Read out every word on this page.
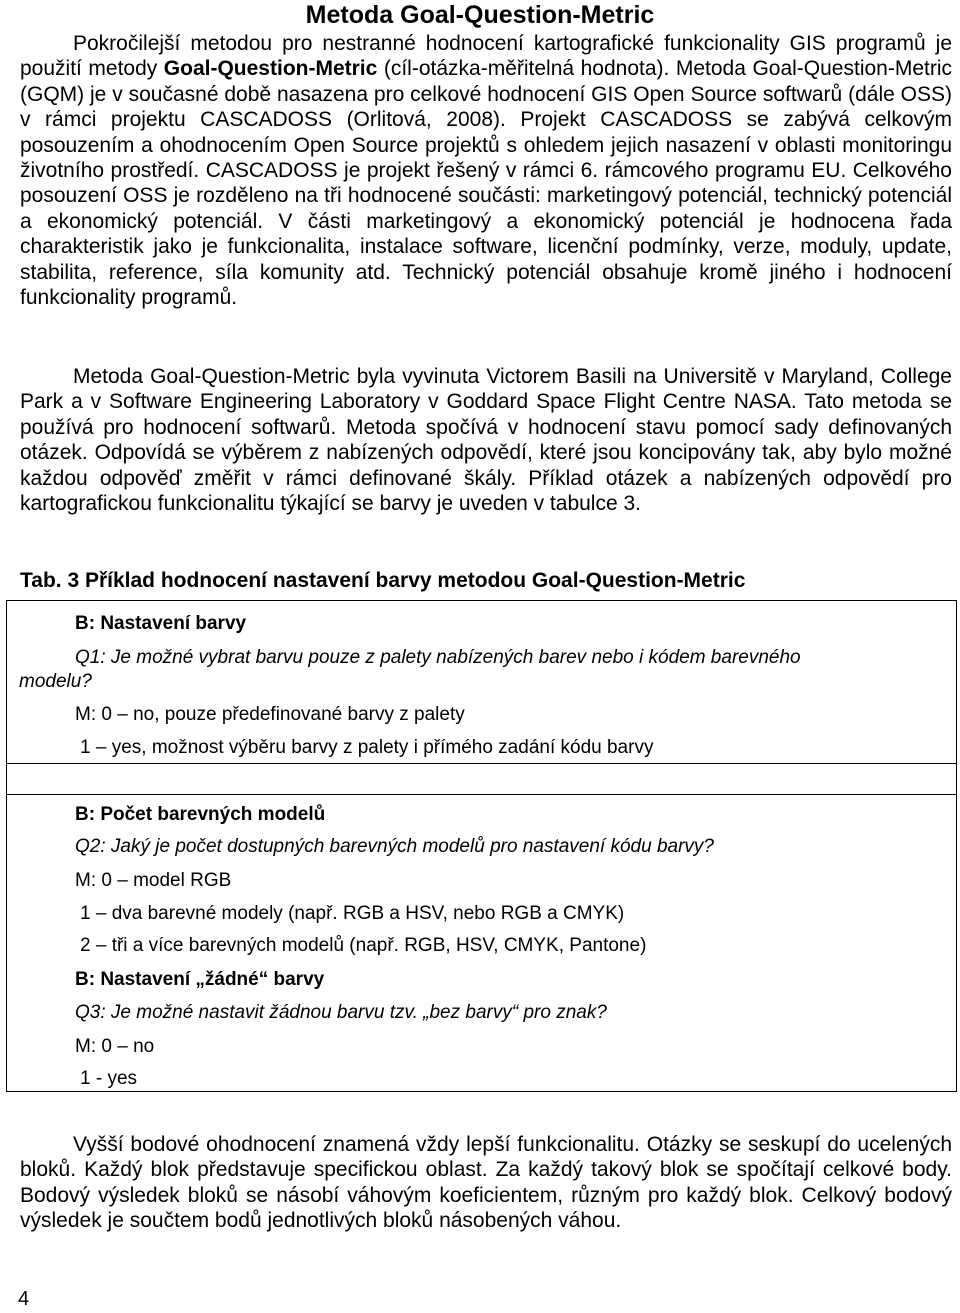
Metoda Goal-Question-Metric

Pokročilejší metodou pro nestranné hodnocení kartografické funkcionality GIS programů je použití metody Goal-Question-Metric (cíl-otázka-měřitelná hodnota). Metoda Goal-Question-Metric (GQM) je v současné době nasazena pro celkové hodnocení GIS Open Source softwarů (dále OSS) v rámci projektu CASCADOSS (Orlitová, 2008). Projekt CASCADOSS se zabývá celkovým posouzením a ohodnocením Open Source projektů s ohledem jejich nasazení v oblasti monitoringu životního prostředí. CASCADOSS je projekt řešený v rámci 6. rámcového programu EU. Celkového posouzení OSS je rozděleno na tři hodnocené součásti: marketingový potenciál, technický potenciál a ekonomický potenciál. V části marketingový a ekonomický potenciál je hodnocena řada charakteristik jako je funkcionalita, instalace software, licenční podmínky, verze, moduly, update, stabilita, reference, síla komunity atd. Technický potenciál obsahuje kromě jiného i hodnocení funkcionality programů.

Metoda Goal-Question-Metric byla vyvinuta Victorem Basili na Universitě v Maryland, College Park a v Software Engineering Laboratory v Goddard Space Flight Centre NASA. Tato metoda se používá pro hodnocení softwarů. Metoda spočívá v hodnocení stavu pomocí sady definovaných otázek. Odpovídá se výběrem z nabízených odpovědí, které jsou koncipovány tak, aby bylo možné každou odpověď změřit v rámci definované škály. Příklad otázek a nabízených odpovědí pro kartografickou funkcionalitu týkající se barvy je uveden v tabulce 3.

Tab. 3 Příklad hodnocení nastavení barvy metodou Goal-Question-Metric
B: Nastavení barvy
Q1: Je možné vybrat barvu pouze z palety nabízených barev nebo i kódem barevného
modelu?
M: 0 – no, pouze předefinované barvy z palety
1 – yes, možnost výběru barvy z palety i přímého zadání kódu barvy
B: Počet barevných modelů
Q2: Jaký je počet dostupných barevných modelů pro nastavení kódu barvy?
M: 0 – model RGB
1 – dva barevné modely (např. RGB a HSV, nebo RGB a CMYK)
2 – tři a více barevných modelů (např. RGB, HSV, CMYK, Pantone)
B: Nastavení „žádné“ barvy
Q3: Je možné nastavit žádnou barvu tzv. „bez barvy“ pro znak?
M: 0 – no
1 - yes

Vyšší bodové ohodnocení znamená vždy lepší funkcionalitu. Otázky se seskupí do ucelených bloků. Každý blok představuje specifickou oblast. Za každý takový blok se spočítají celkové body. Bodový výsledek bloků se násobí váhovým koeficientem, různým pro každý blok. Celkový bodový výsledek je součtem bodů jednotlivých bloků násobených váhou.

4
